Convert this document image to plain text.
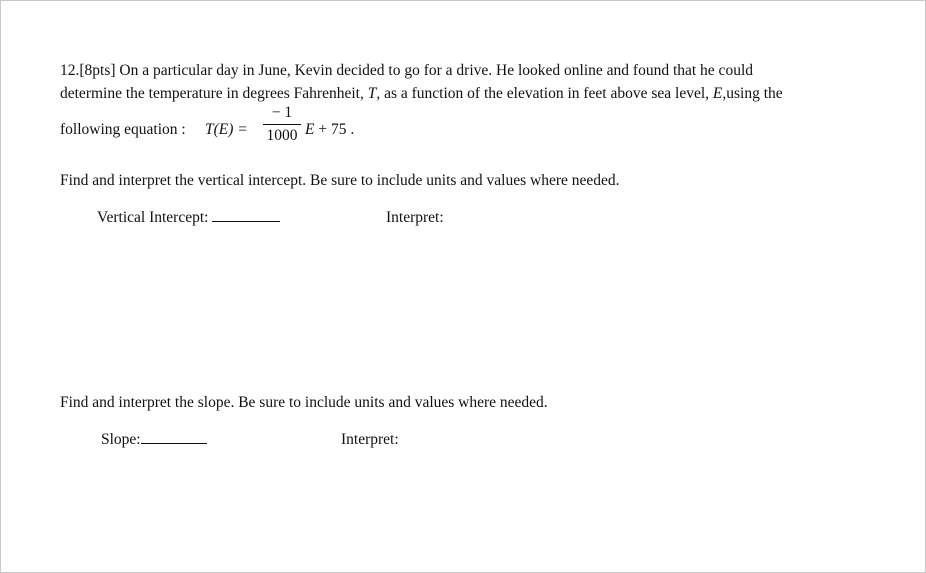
12.[8pts] On a particular day in June, Kevin decided to go for a drive. He looked online and found that he could
determine the temperature in degrees Fahrenheit, T, as a function of the elevation in feet above sea level, E,using the
following equation : T(E) =
− 1
1000 E + 75 .
Find and interpret the vertical intercept. Be sure to include units and values where needed.
Vertical Intercept:	Interpret:
Find and interpret the slope. Be sure to include units and values where needed.
Slope:	Interpret:
